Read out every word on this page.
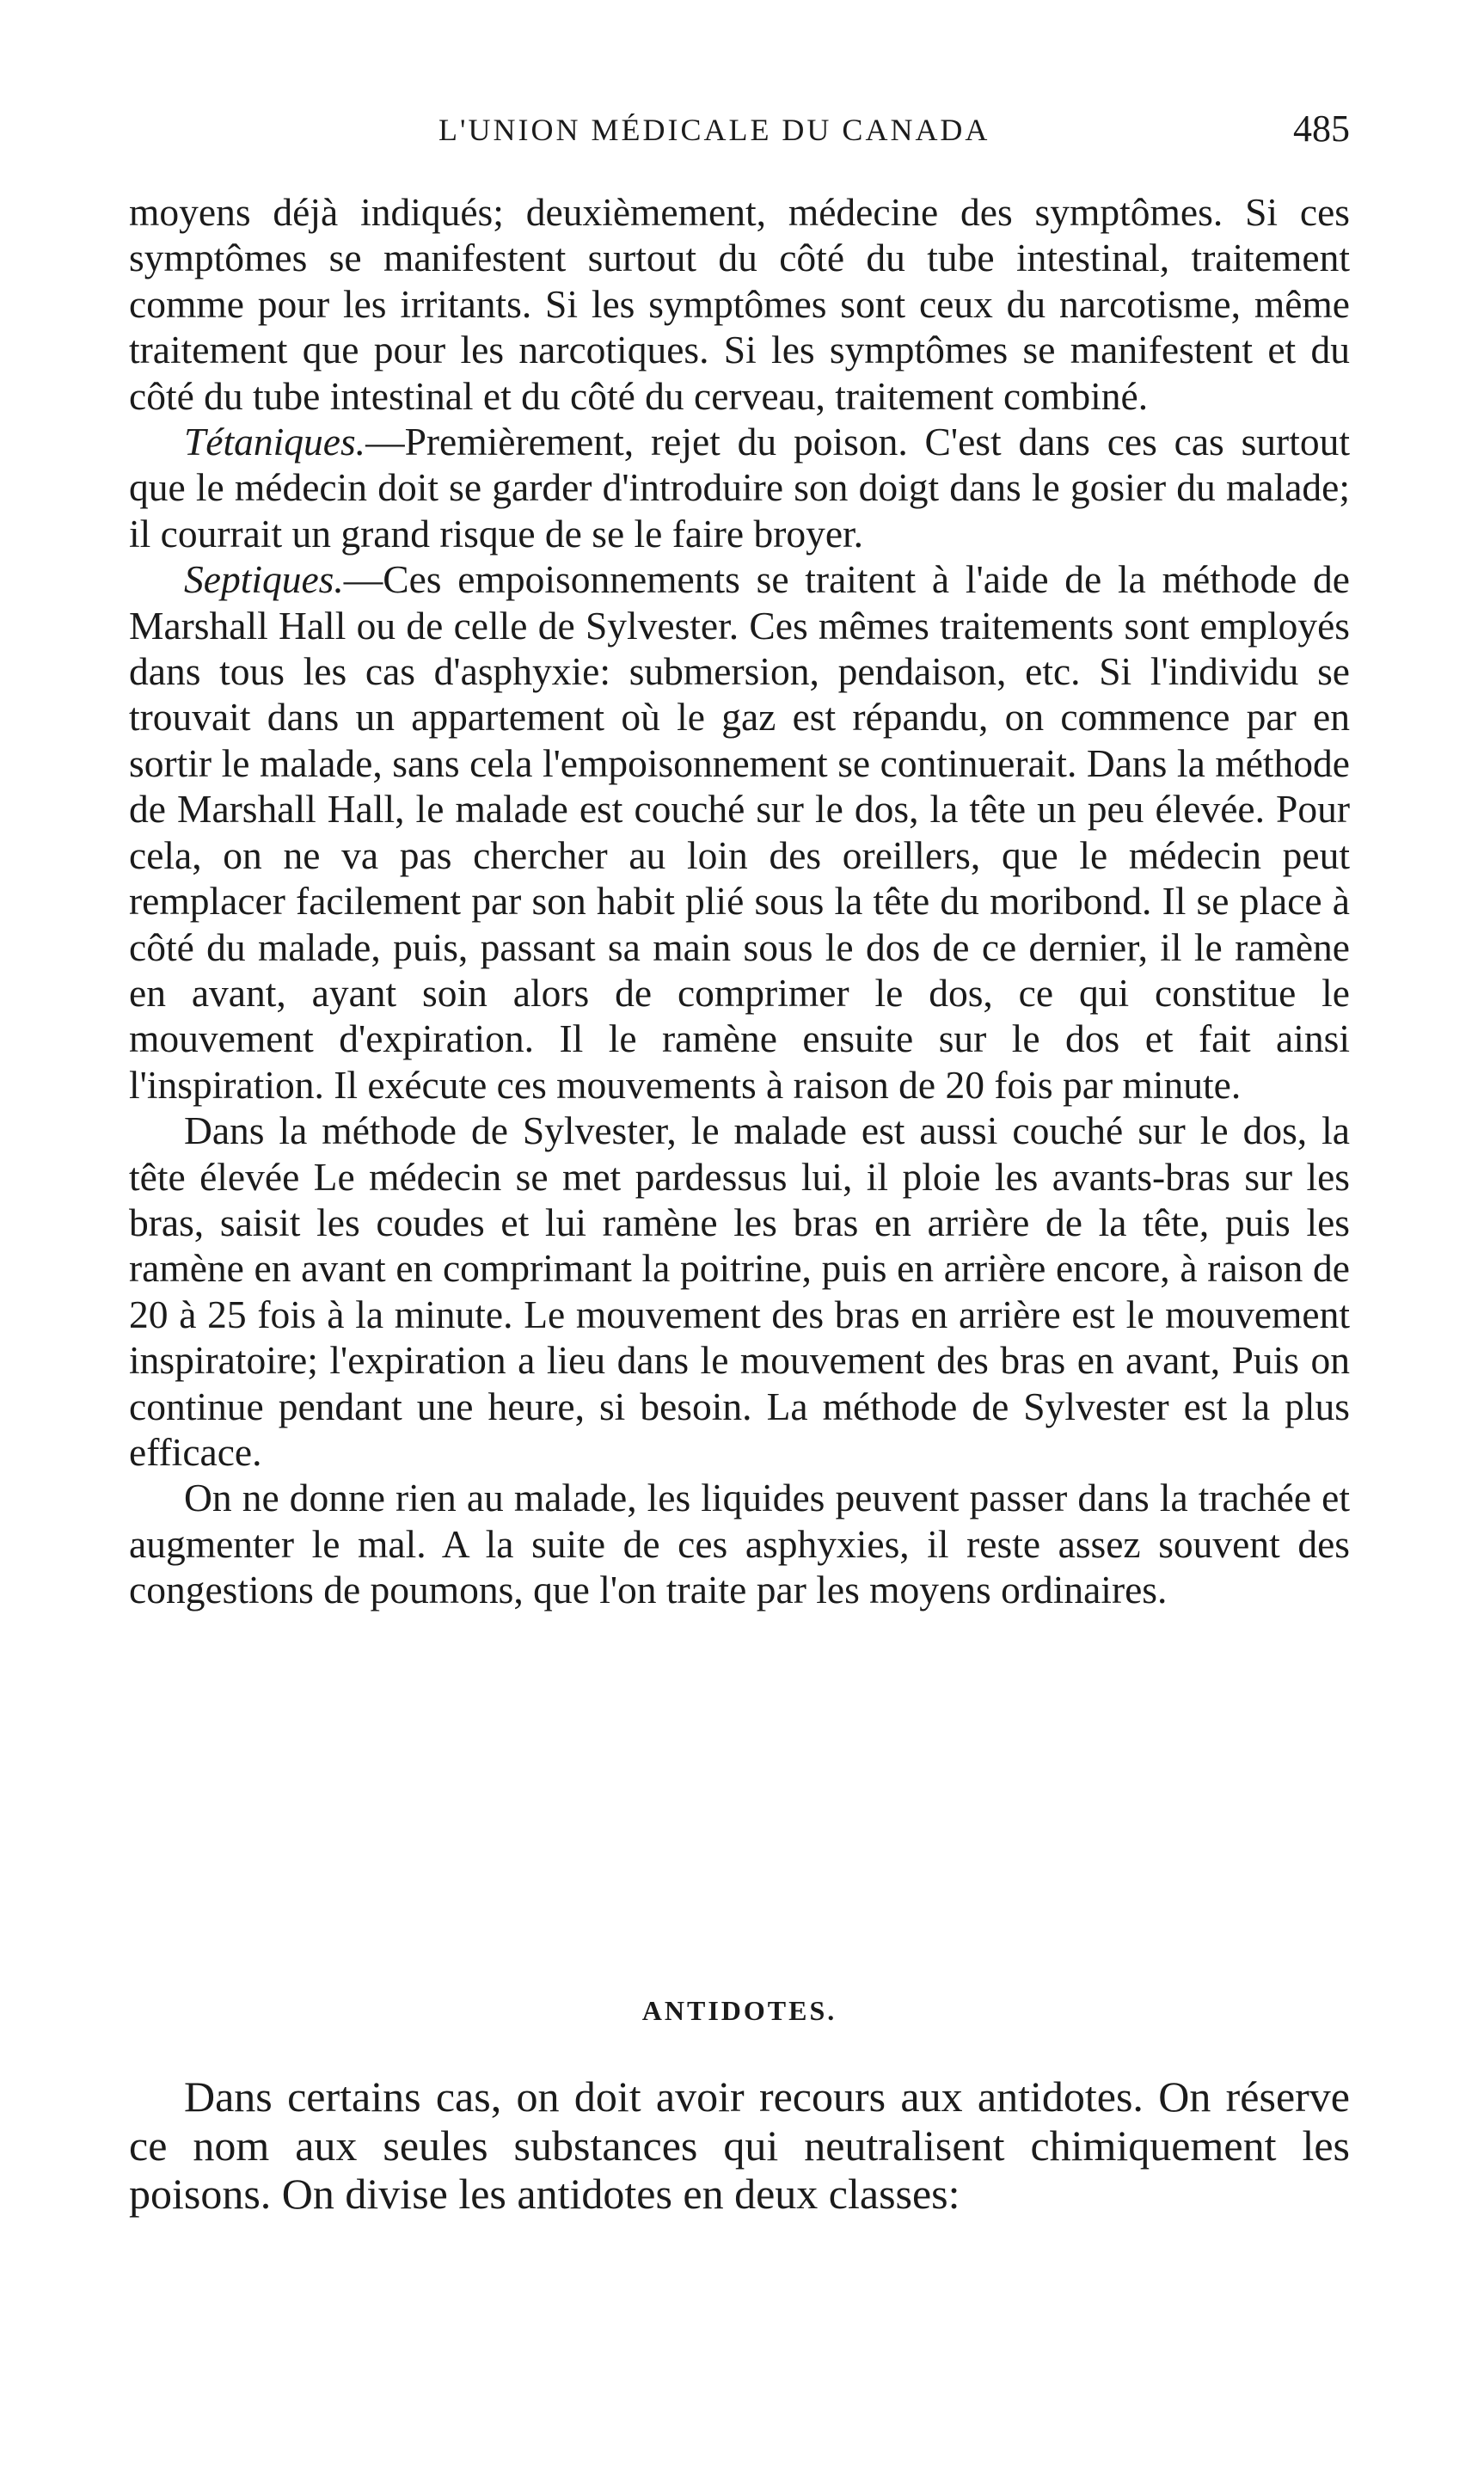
L'UNION MÉDICALE DU CANADA	485

moyens déjà indiqués; deuxièmement, médecine des symptômes. Si ces symptômes se manifestent surtout du côté du tube intestinal, traitement comme pour les irritants. Si les symptômes sont ceux du narcotisme, même traitement que pour les narcotiques. Si les symptômes se manifestent et du côté du tube intestinal et du côté du cerveau, traitement combiné.

Tétaniques.—Premièrement, rejet du poison. C'est dans ces cas surtout que le médecin doit se garder d'introduire son doigt dans le gosier du malade; il courrait un grand risque de se le faire broyer.

Septiques.—Ces empoisonnements se traitent à l'aide de la méthode de Marshall Hall ou de celle de Sylvester. Ces mêmes traitements sont employés dans tous les cas d'asphyxie: submersion, pendaison, etc. Si l'individu se trouvait dans un appartement où le gaz est répandu, on commence par en sortir le malade, sans cela l'empoisonnement se continuerait. Dans la méthode de Marshall Hall, le malade est couché sur le dos, la tête un peu élevée. Pour cela, on ne va pas chercher au loin des oreillers, que le médecin peut remplacer facilement par son habit plié sous la tête du moribond. Il se place à côté du malade, puis, passant sa main sous le dos de ce dernier, il le ramène en avant, ayant soin alors de comprimer le dos, ce qui constitue le mouvement d'expiration. Il le ramène ensuite sur le dos et fait ainsi l'inspiration. Il exécute ces mouvements à raison de 20 fois par minute.

Dans la méthode de Sylvester, le malade est aussi couché sur le dos, la tête élevée Le médecin se met pardessus lui, il ploie les avants-bras sur les bras, saisit les coudes et lui ramène les bras en arrière de la tête, puis les ramène en avant en comprimant la poitrine, puis en arrière encore, à raison de 20 à 25 fois à la minute. Le mouvement des bras en arrière est le mouvement inspiratoire; l'expiration a lieu dans le mouvement des bras en avant, Puis on continue pendant une heure, si besoin. La méthode de Sylvester est la plus efficace.

On ne donne rien au malade, les liquides peuvent passer dans la trachée et augmenter le mal. A la suite de ces asphyxies, il reste assez souvent des congestions de poumons, que l'on traite par les moyens ordinaires.

ANTIDOTES.

Dans certains cas, on doit avoir recours aux antidotes. On réserve ce nom aux seules substances qui neutralisent chimiquement les poisons. On divise les antidotes en deux classes:
